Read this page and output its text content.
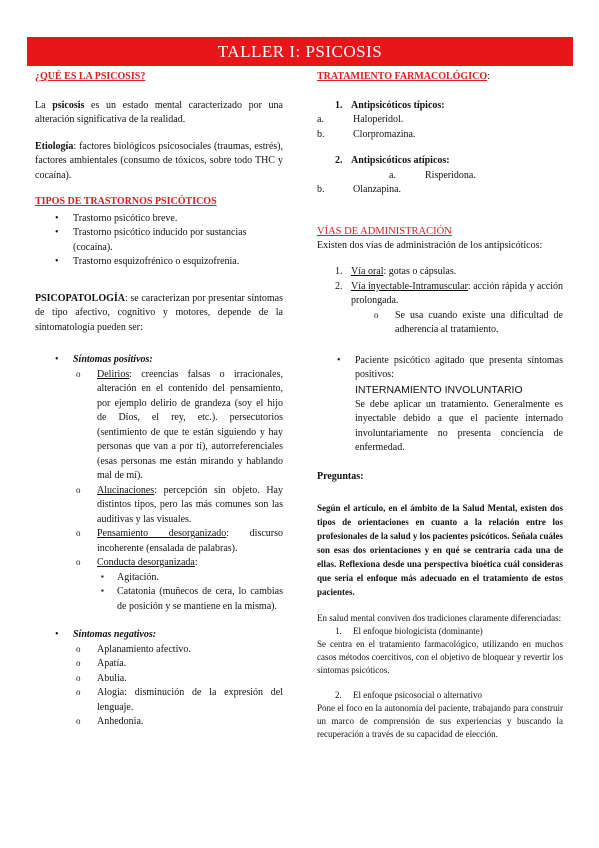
TALLER I: PSICOSIS
¿QUÉ ES LA PSICOSIS?

La psicosis es un estado mental caracterizado por una alteración significativa de la realidad.

Etiología: factores biológicos psicosociales (traumas, estrés), factores ambientales (consumo de tóxicos, sobre todo THC y cocaína).

TIPOS DE TRASTORNOS PSICÓTICOS
• Trastorno psicótico breve.
• Trastorno psicótico inducido por sustancias (cocaína).
• Trastorno esquizofrénico o esquizofrenia.

PSICOPATOLOGÍA: se caracterizan por presentar síntomas de tipo afectivo, cognitivo y motores, depende de la sintomatología pueden ser:

• Síntomas positivos:

o Delirios: creencias falsas o irracionales, alteración en el contenido del pensamiento, por ejemplo delirio de grandeza (soy el hijo de Dios, el rey, etc.). persecutorios (sentimiento de que te están siguiendo y hay personas que van a por ti), autorreferenciales (esas personas me están mirando y hablando mal de mí).

o Alucinaciones: percepción sin objeto. Hay distintos tipos, pero las más comunes son las auditivas y las visuales.

o Pensamiento desorganizado: discurso incoherente (ensalada de palabras).

o Conducta desorganizada:
▪ Agitación.

▪ Catatonia (muñecos de cera, lo cambias de posición y se mantiene en la misma).

• Síntomas negativos:
o Aplanamiento afectivo.
o Apatía.
o Abulia.

o Alogia: disminución de la expresión del lenguaje.

o Anhedonia.
TRATAMIENTO FARMACOLÓGICO:
1. Antipsicóticos típicos:
a.	Haloperidol.
b.	Clorpromazina.
2. Antipsicóticos atípicos:
a.	Risperidona.
b.	Olanzapina.
VÍAS DE ADMINISTRACIÓN

Existen dos vías de administración de los antipsicóticos:

1. Vía oral: gotas o cápsulas.
2. Vía inyectable-Intramuscular: acción rápida y acción prolongada.

o Se usa cuando existe una dificultad de adherencia al tratamiento.

• Paciente psicótico agitado que presenta síntomas positivos:

INTERNAMIENTO INVOLUNTARIO

Se debe aplicar un tratamiento. Generalmente es inyectable debido a que el paciente internado involuntariamente no presenta conciencia de enfermedad.

Preguntas:

Según el artículo, en el ámbito de la Salud Mental, existen dos tipos de orientaciones en cuanto a la relación entre los profesionales de la salud y los pacientes psicóticos. Señala cuáles son esas dos orientaciones y en qué se centraría cada una de ellas. Reflexiona desde una perspectiva bioética cuál consideras que sería el enfoque más adecuado en el tratamiento de estos pacientes.

En salud mental conviven dos tradiciones claramente diferenciadas:

1. El enfoque biologicista (dominante)

Se centra en el tratamiento farmacológico, utilizando en muchos casos métodos coercitivos, con el objetivo de bloquear y revertir los síntomas psicóticos.

2. El enfoque psicosocial o alternativo

Pone el foco en la autonomía del paciente, trabajando para construir un marco de comprensión de sus experiencias y buscando la recuperación a través de su capacidad de elección.
